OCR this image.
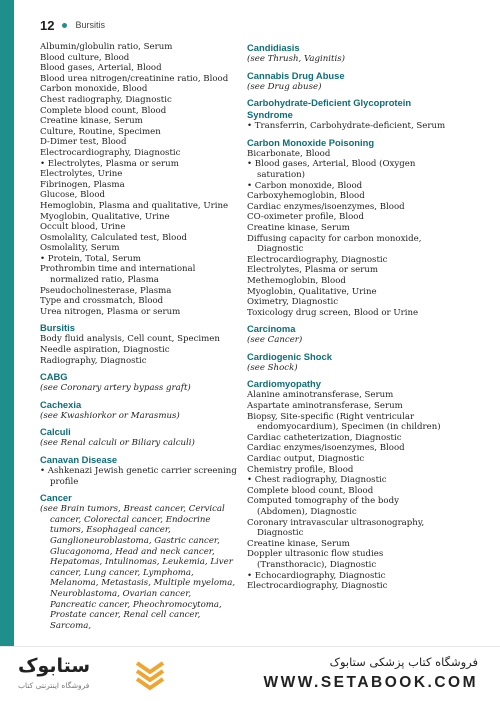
12 Bursitis
Albumin/globulin ratio, Serum
Blood culture, Blood
Blood gases, Arterial, Blood
Blood urea nitrogen/creatinine ratio, Blood
Carbon monoxide, Blood
Chest radiography, Diagnostic
Complete blood count, Blood
Creatine kinase, Serum
Culture, Routine, Specimen
D-Dimer test, Blood
Electrocardiography, Diagnostic
• Electrolytes, Plasma or serum
Electrolytes, Urine
Fibrinogen, Plasma
Glucose, Blood
Hemoglobin, Plasma and qualitative, Urine
Myoglobin, Qualitative, Urine
Occult blood, Urine
Osmolality, Calculated test, Blood
Osmolality, Serum
• Protein, Total, Serum
Prothrombin time and international normalized ratio, Plasma
Pseudocholinesterase, Plasma
Type and crossmatch, Blood
Urea nitrogen, Plasma or serum
Bursitis
Body fluid analysis, Cell count, Specimen
Needle aspiration, Diagnostic
Radiography, Diagnostic
CABG
(see Coronary artery bypass graft)
Cachexia
(see Kwashiorkor or Marasmus)
Calculi
(see Renal calculi or Biliary calculi)
Canavan Disease
• Ashkenazi Jewish genetic carrier screening profile
Cancer
(see Brain tumors, Breast cancer, Cervical cancer, Colorectal cancer, Endocrine tumors, Esophageal cancer, Ganglioneuroblastoma, Gastric cancer, Glucagonoma, Head and neck cancer, Hepatomas, Intulinomas, Leukemia, Liver cancer, Lung cancer, Lymphoma, Melanoma, Metastasis, Multiple myeloma, Neuroblastoma, Ovarian cancer, Pancreatic cancer, Pheochromocytoma, Prostate cancer, Renal cell cancer, Sarcoma,
Candidiasis
(see Thrush, Vaginitis)
Cannabis Drug Abuse
(see Drug abuse)
Carbohydrate-Deficient Glycoprotein Syndrome
• Transferrin, Carbohydrate-deficient, Serum
Carbon Monoxide Poisoning
Bicarbonate, Blood
• Blood gases, Arterial, Blood (Oxygen saturation)
• Carbon monoxide, Blood
Carboxyhemoglobin, Blood
Cardiac enzymes/isoenzymes, Blood
CO-oximeter profile, Blood
Creatine kinase, Serum
Diffusing capacity for carbon monoxide, Diagnostic
Electrocardiography, Diagnostic
Electrolytes, Plasma or serum
Methemoglobin, Blood
Myoglobin, Qualitative, Urine
Oximetry, Diagnostic
Toxicology drug screen, Blood or Urine
Carcinoma
(see Cancer)
Cardiogenic Shock
(see Shock)
Cardiomyopathy
Alanine aminotransferase, Serum
Aspartate aminotransferase, Serum
Biopsy, Site-specific (Right ventricular endomyocardium), Specimen (in children)
Cardiac catheterization, Diagnostic
Cardiac enzymes/isoenzymes, Blood
Cardiac output, Diagnostic
Chemistry profile, Blood
• Chest radiography, Diagnostic
Complete blood count, Blood
Computed tomography of the body (Abdomen), Diagnostic
Coronary intravascular ultrasonography, Diagnostic
Creatine kinase, Serum
Doppler ultrasonic flow studies (Transthoracic), Diagnostic
• Echocardiography, Diagnostic
Electrocardiography, Diagnostic
ستابوک
فروشگاه اینترنتی کتاب
فروشگاه کتاب پزشکی ستابوک
WWW.SETABOOK.COM
